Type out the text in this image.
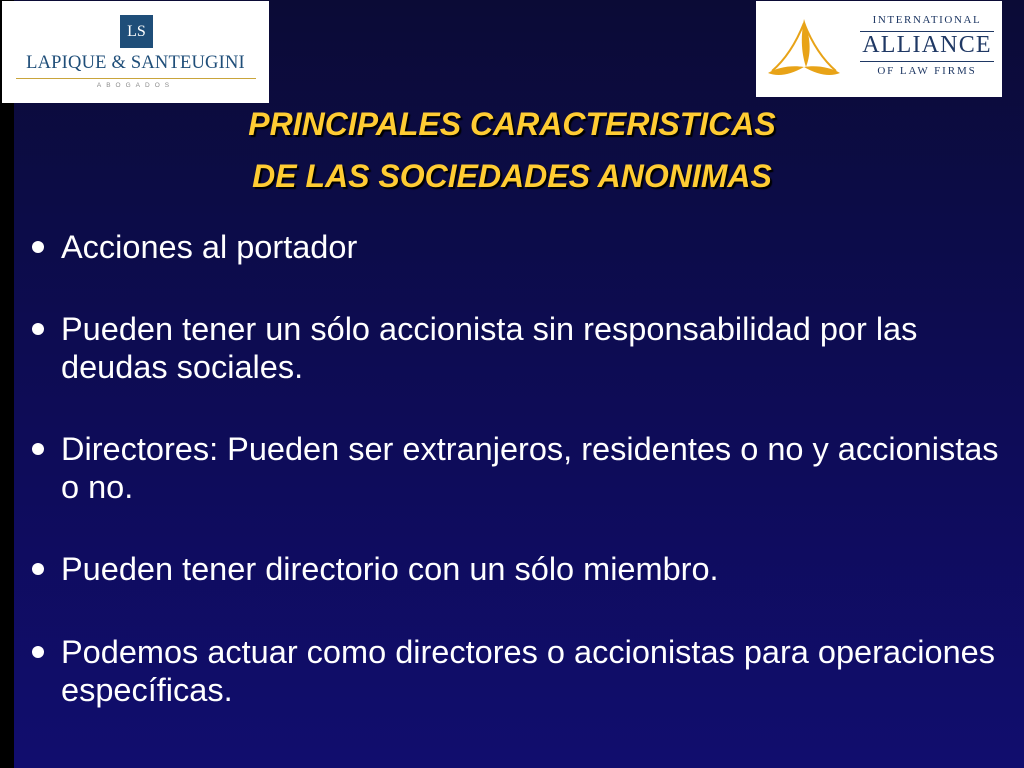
LS
LAPIQUE & SANTEUGINI
ABOGADOS
INTERNATIONAL
ALLIANCE
OF LAW FIRMS
PRINCIPALES CARACTERISTICAS
DE LAS SOCIEDADES ANONIMAS
Acciones al portador
Pueden tener un sólo accionista sin responsabilidad por las deudas sociales.
Directores: Pueden ser extranjeros, residentes o no y accionistas o no.
Pueden tener directorio con un sólo miembro.
Podemos actuar como directores o accionistas para operaciones específicas.
